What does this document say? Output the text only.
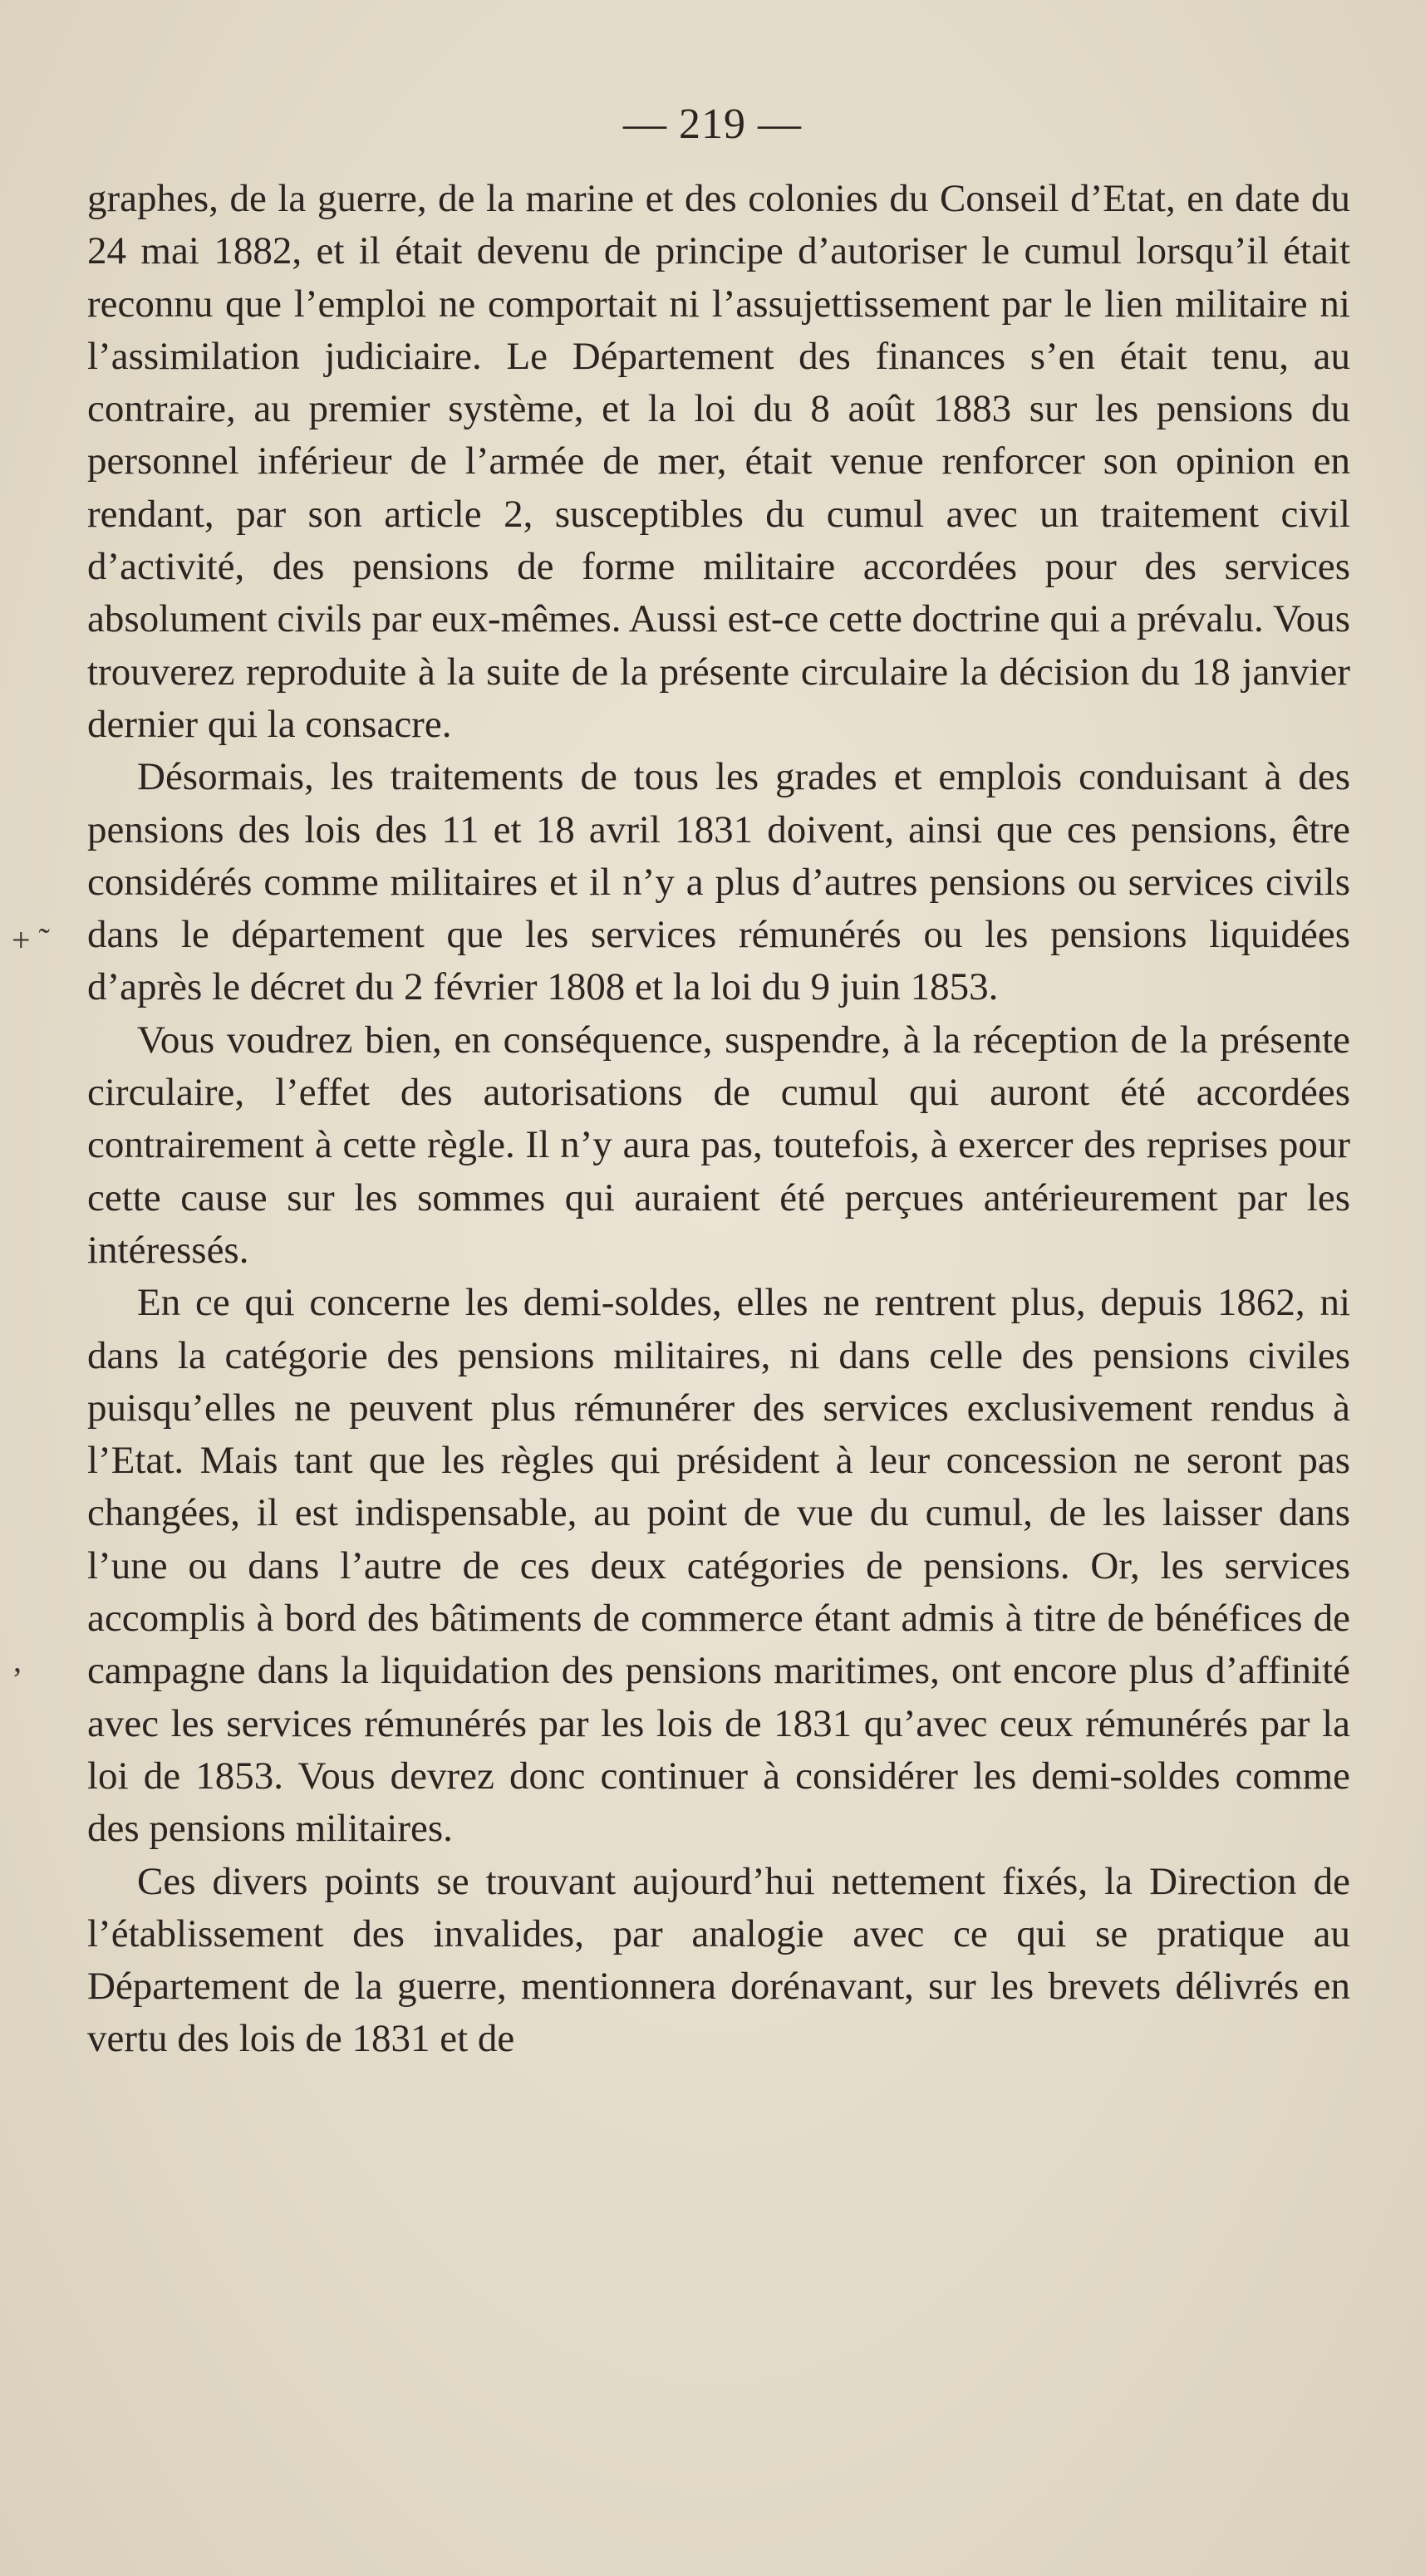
— 219 —
+ ˜
ʼ

graphes, de la guerre, de la marine et des colonies du Conseil d’Etat, en date du 24 mai 1882, et il était devenu de principe d’autoriser le cumul lorsqu’il était reconnu que l’emploi ne comportait ni l’assujettissement par le lien militaire ni l’assimilation judiciaire. Le Département des finances s’en était tenu, au contraire, au premier système, et la loi du 8 août 1883 sur les pensions du personnel inférieur de l’armée de mer, était venue renforcer son opinion en rendant, par son article 2, susceptibles du cumul avec un traitement civil d’activité, des pensions de forme militaire accordées pour des services absolument civils par eux-mêmes. Aussi est-ce cette doctrine qui a prévalu. Vous trouverez reproduite à la suite de la présente circulaire la décision du 18 janvier dernier qui la consacre.

Désormais, les traitements de tous les grades et emplois conduisant à des pensions des lois des 11 et 18 avril 1831 doivent, ainsi que ces pensions, être considérés comme militaires et il n’y a plus d’autres pensions ou services civils dans le département que les services rémunérés ou les pensions liquidées d’après le décret du 2 février 1808 et la loi du 9 juin 1853.

Vous voudrez bien, en conséquence, suspendre, à la réception de la présente circulaire, l’effet des autorisations de cumul qui auront été accordées contrairement à cette règle. Il n’y aura pas, toutefois, à exercer des reprises pour cette cause sur les sommes qui auraient été perçues antérieurement par les intéressés.

En ce qui concerne les demi-soldes, elles ne rentrent plus, depuis 1862, ni dans la catégorie des pensions militaires, ni dans celle des pensions civiles puisqu’elles ne peuvent plus rémunérer des services exclusivement rendus à l’Etat. Mais tant que les règles qui président à leur concession ne seront pas changées, il est indispensable, au point de vue du cumul, de les laisser dans l’une ou dans l’autre de ces deux catégories de pensions. Or, les services accomplis à bord des bâtiments de commerce étant admis à titre de bénéfices de campagne dans la liquidation des pensions maritimes, ont encore plus d’affinité avec les services rémunérés par les lois de 1831 qu’avec ceux rémunérés par la loi de 1853. Vous devrez donc continuer à considérer les demi-soldes comme des pensions militaires.

Ces divers points se trouvant aujourd’hui nettement fixés, la Direction de l’établissement des invalides, par analogie avec ce qui se pratique au Département de la guerre, mentionnera dorénavant, sur les brevets délivrés en vertu des lois de 1831 et de
